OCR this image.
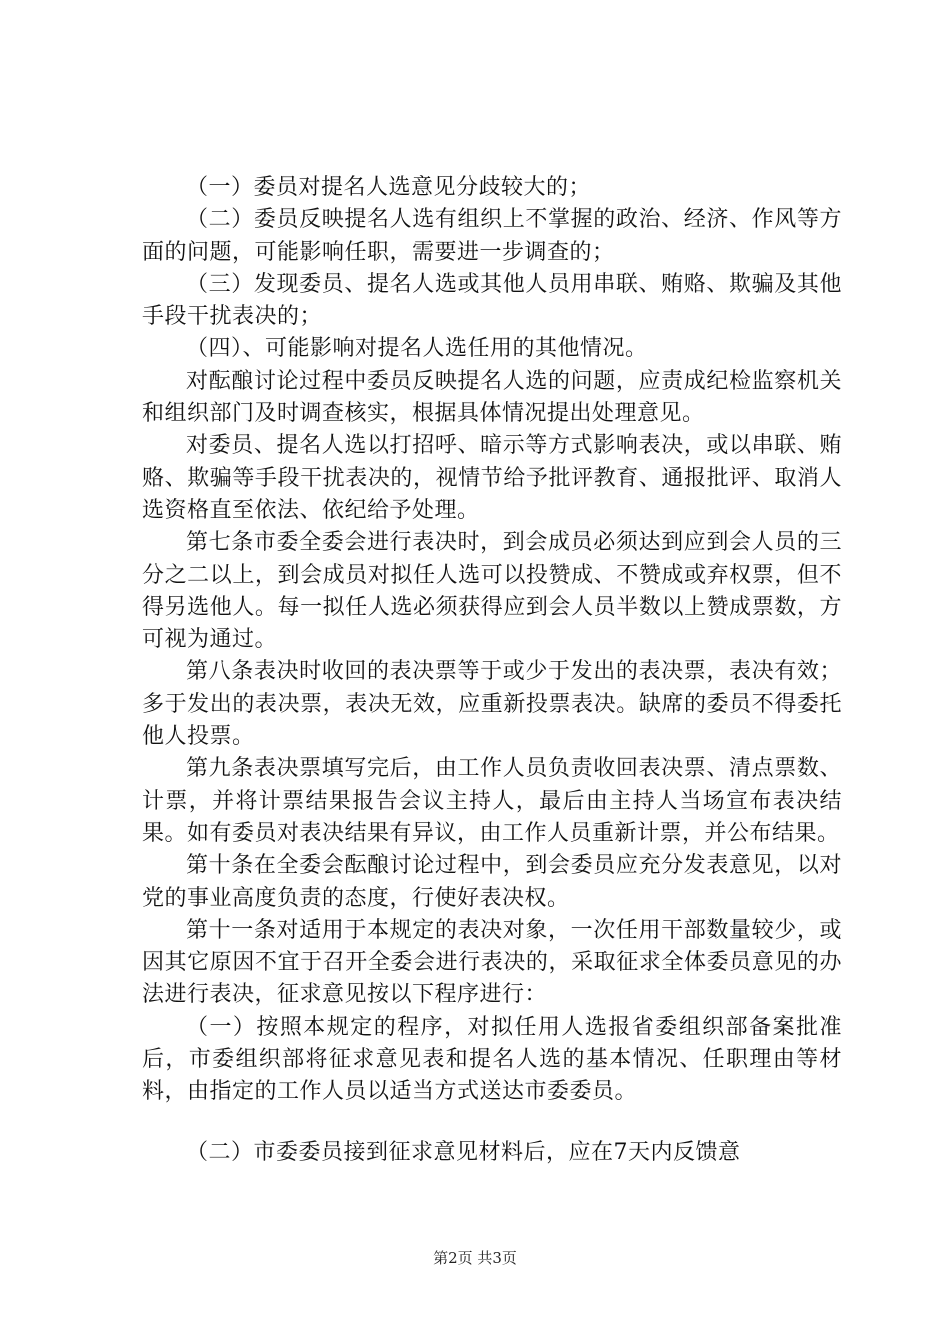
（一）委员对提名人选意见分歧较大的；

（二）委员反映提名人选有组织上不掌握的政治、经济、作风等方面的问题，可能影响任职，需要进一步调查的；

（三）发现委员、提名人选或其他人员用串联、贿赂、欺骗及其他手段干扰表决的；

（四）、可能影响对提名人选任用的其他情况。

对酝酿讨论过程中委员反映提名人选的问题，应责成纪检监察机关和组织部门及时调查核实，根据具体情况提出处理意见。

对委员、提名人选以打招呼、暗示等方式影响表决，或以串联、贿赂、欺骗等手段干扰表决的，视情节给予批评教育、通报批评、取消人选资格直至依法、依纪给予处理。

第七条市委全委会进行表决时，到会成员必须达到应到会人员的三分之二以上，到会成员对拟任人选可以投赞成、不赞成或弃权票，但不得另选他人。每一拟任人选必须获得应到会人员半数以上赞成票数，方可视为通过。

第八条表决时收回的表决票等于或少于发出的表决票，表决有效；多于发出的表决票，表决无效，应重新投票表决。缺席的委员不得委托他人投票。

第九条表决票填写完后，由工作人员负责收回表决票、清点票数、计票，并将计票结果报告会议主持人，最后由主持人当场宣布表决结果。如有委员对表决结果有异议，由工作人员重新计票，并公布结果。

第十条在全委会酝酿讨论过程中，到会委员应充分发表意见，以对党的事业高度负责的态度，行使好表决权。

第十一条对适用于本规定的表决对象，一次任用干部数量较少，或因其它原因不宜于召开全委会进行表决的，采取征求全体委员意见的办法进行表决，征求意见按以下程序进行：

（一）按照本规定的程序，对拟任用人选报省委组织部备案批准后，市委组织部将征求意见表和提名人选的基本情况、任职理由等材料，由指定的工作人员以适当方式送达市委委员。

（二）市委委员接到征求意见材料后，应在7天内反馈意

第2页 共3页
